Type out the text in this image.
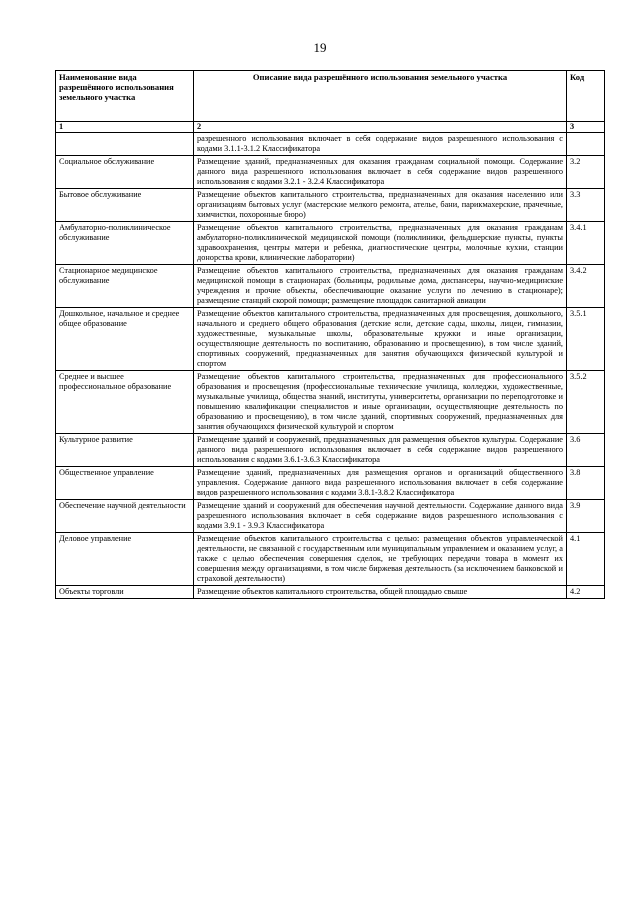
19
Наименование вида разрешённого использования земельного участка	Описание вида разрешённого использования земельного участка	Код
1	2	3
	разрешенного использования включает в себя содержание видов разрешенного использования с кодами 3.1.1-3.1.2 Классификатора	
Социальное обслуживание	Размещение зданий, предназначенных для оказания гражданам социальной помощи. Содержание данного вида разрешенного использования включает в себя содержание видов разрешенного использования с кодами 3.2.1 - 3.2.4 Классификатора	3.2
Бытовое обслуживание	Размещение объектов капитального строительства, предназначенных для оказания населению или организациям бытовых услуг (мастерские мелкого ремонта, ателье, бани, парикмахерские, прачечные, химчистки, похоронные бюро)	3.3
Амбулаторно-поликлиническое обслуживание	Размещение объектов капитального строительства, предназначенных для оказания гражданам амбулаторно-поликлинической медицинской помощи (поликлиники, фельдшерские пункты, пункты здравоохранения, центры матери и ребенка, диагностические центры, молочные кухни, станции донорства крови, клинические лаборатории)	3.4.1
Стационарное медицинское обслуживание	Размещение объектов капитального строительства, предназначенных для оказания гражданам медицинской помощи в стационарах (больницы, родильные дома, диспансеры, научно-медицинские учреждения и прочие объекты, обеспечивающие оказание услуги по лечению в стационаре); размещение станций скорой помощи; размещение площадок санитарной авиации	3.4.2
Дошкольное, начальное и среднее общее образование	Размещение объектов капитального строительства, предназначенных для просвещения, дошкольного, начального и среднего общего образования (детские ясли, детские сады, школы, лицеи, гимназии, художественные, музыкальные школы, образовательные кружки и иные организации, осуществляющие деятельность по воспитанию, образованию и просвещению), в том числе зданий, спортивных сооружений, предназначенных для занятия обучающихся физической культурой и спортом	3.5.1
Среднее и высшее профессиональное образование	Размещение объектов капитального строительства, предназначенных для профессионального образования и просвещения (профессиональные технические училища, колледжи, художественные, музыкальные училища, общества знаний, институты, университеты, организации по переподготовке и повышению квалификации специалистов и иные организации, осуществляющие деятельность по образованию и просвещению), в том числе зданий, спортивных сооружений, предназначенных для занятия обучающихся физической культурой и спортом	3.5.2
Культурное развитие	Размещение зданий и сооружений, предназначенных для размещения объектов культуры. Содержание данного вида разрешенного использования включает в себя содержание видов разрешенного использования с кодами 3.6.1-3.6.3 Классификатора	3.6
Общественное управление	Размещение зданий, предназначенных для размещения органов и организаций общественного управления. Содержание данного вида разрешенного использования включает в себя содержание видов разрешенного использования с кодами 3.8.1-3.8.2 Классификатора	3.8
Обеспечение научной деятельности	Размещение зданий и сооружений для обеспечения научной деятельности. Содержание данного вида разрешенного использования включает в себя содержание видов разрешенного использования с кодами 3.9.1 - 3.9.3 Классификатора	3.9
Деловое управление	Размещение объектов капитального строительства с целью: размещения объектов управленческой деятельности, не связанной с государственным или муниципальным управлением и оказанием услуг, а также с целью обеспечения совершения сделок, не требующих передачи товара в момент их совершения между организациями, в том числе биржевая деятельность (за исключением банковской и страховой деятельности)	4.1
Объекты торговли	Размещение объектов капитального строительства, общей площадью свыше	4.2
